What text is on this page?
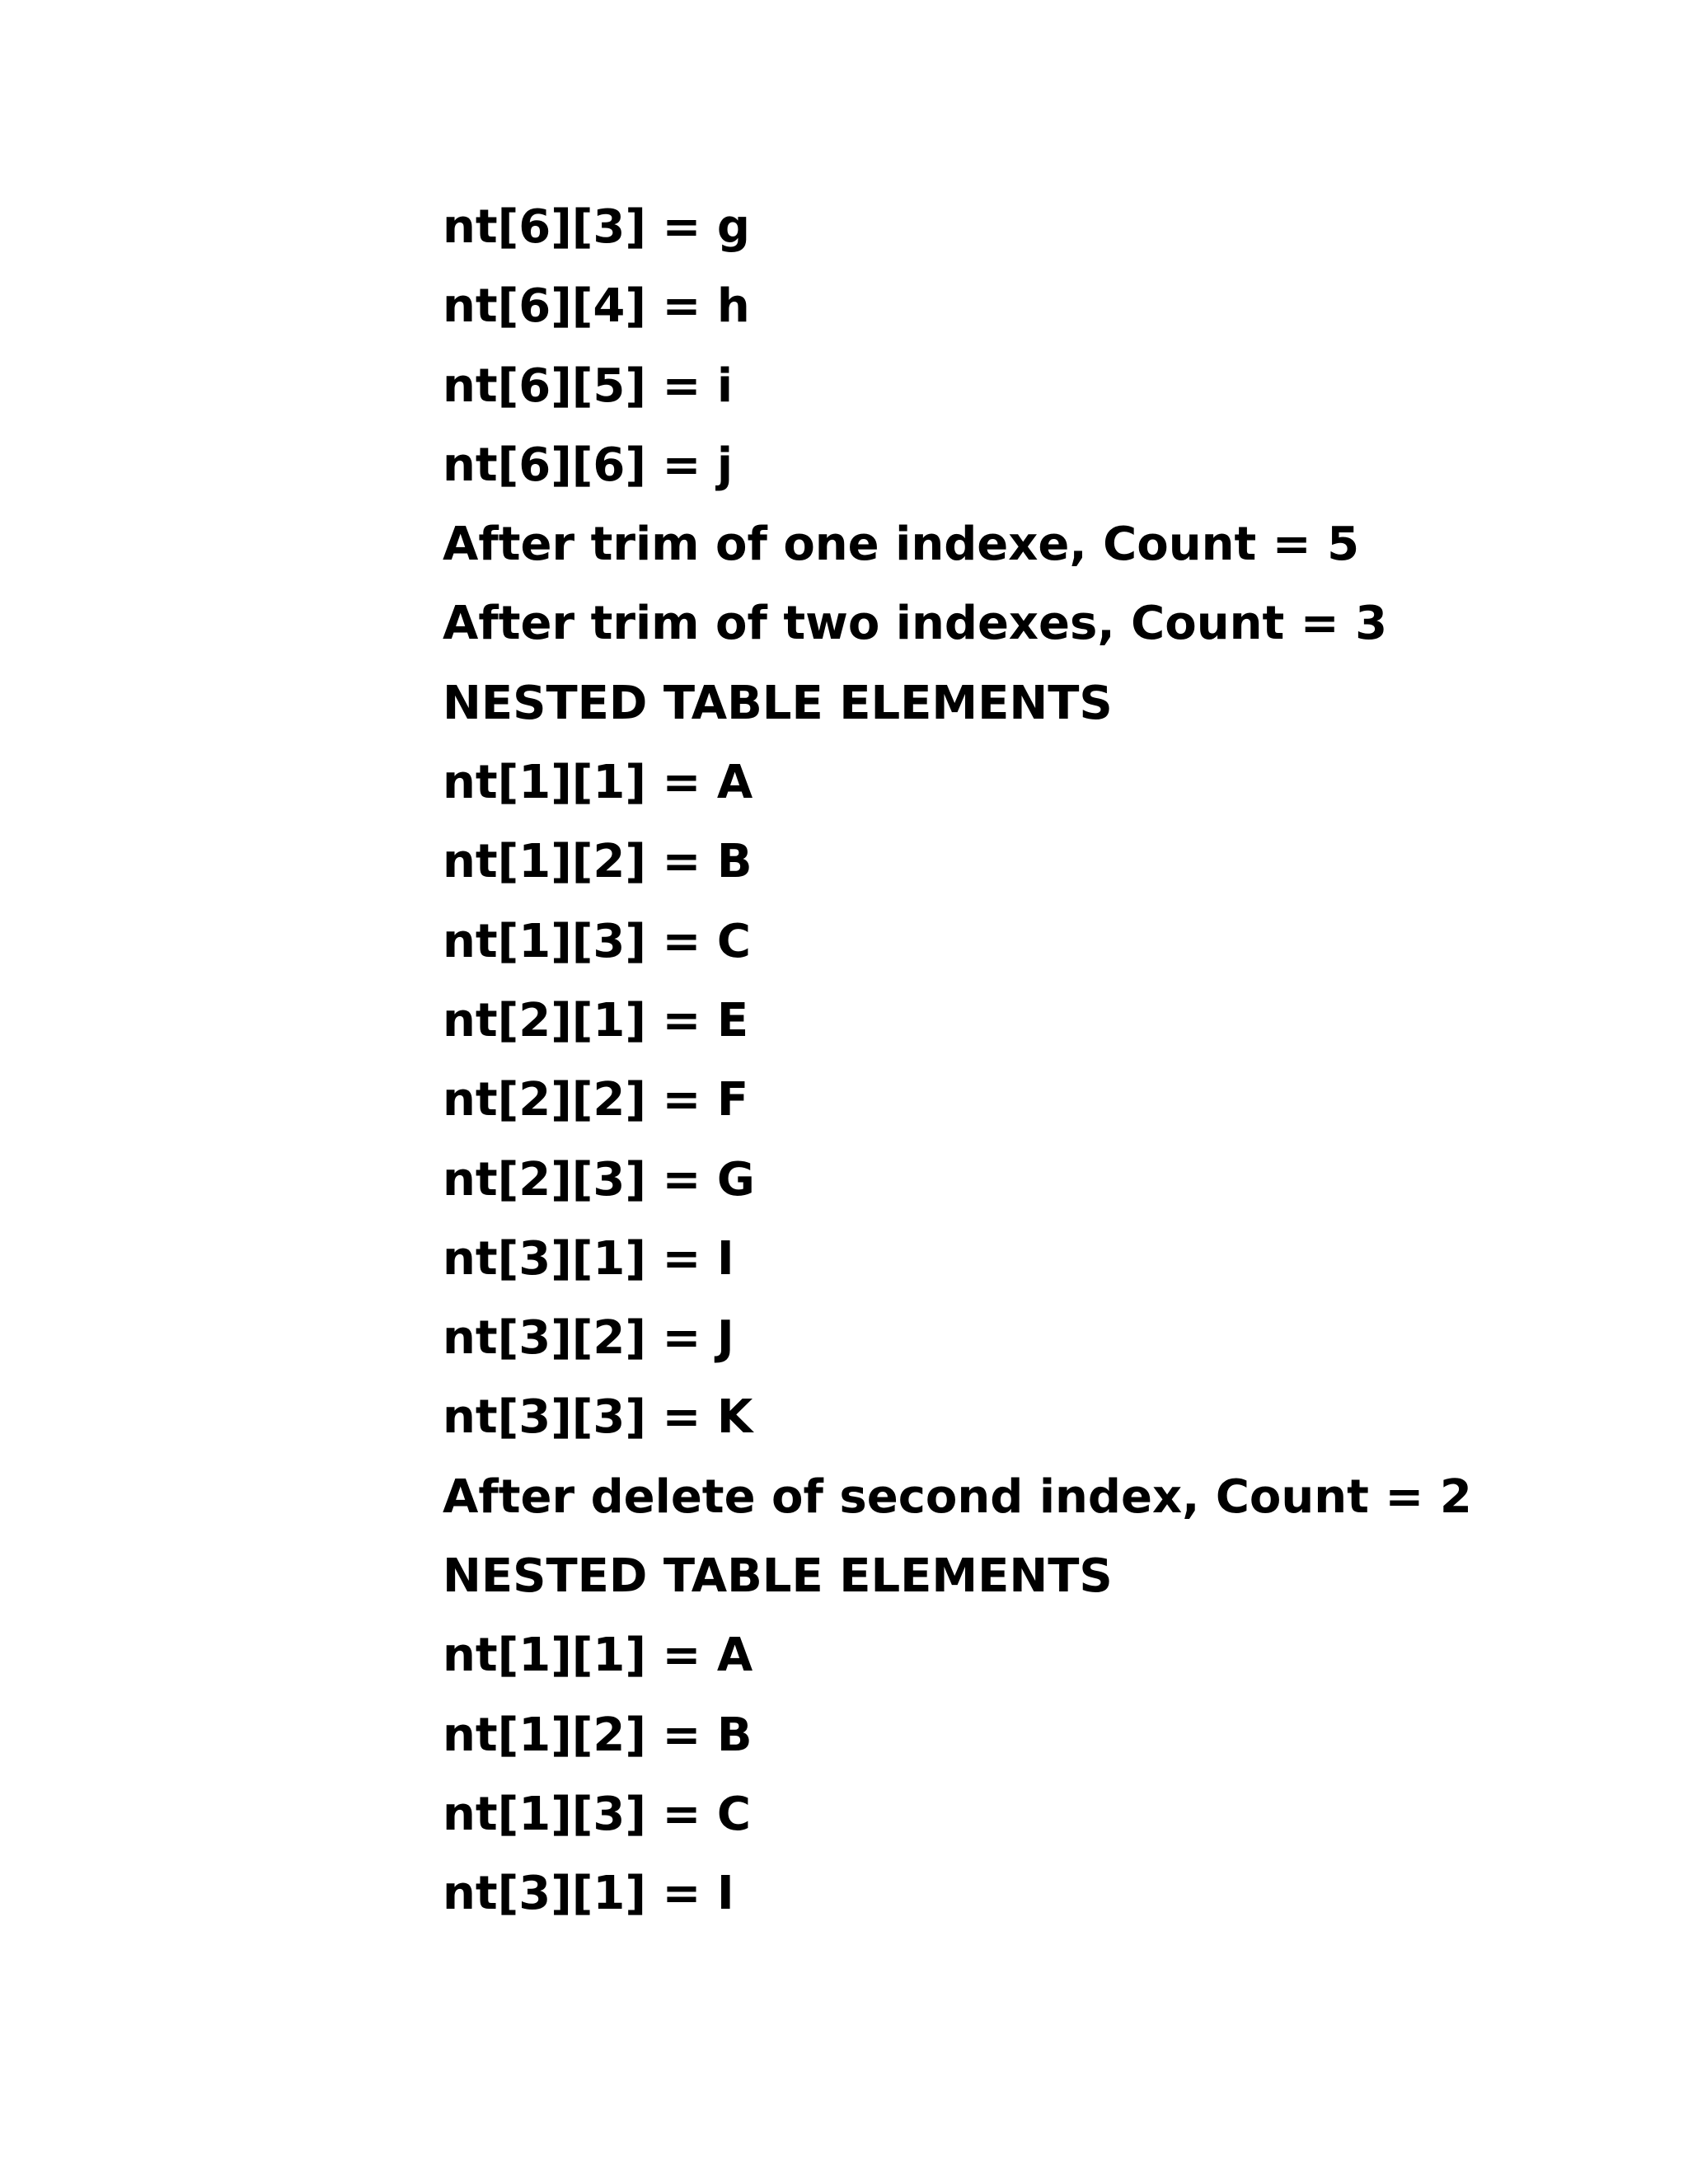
nt[6][3] = g
nt[6][4] = h
nt[6][5] = i
nt[6][6] = j
After trim of one indexe, Count = 5
After trim of two indexes, Count = 3
NESTED TABLE ELEMENTS
nt[1][1] = A
nt[1][2] = B
nt[1][3] = C
nt[2][1] = E
nt[2][2] = F
nt[2][3] = G
nt[3][1] = I
nt[3][2] = J
nt[3][3] = K
After delete of second index, Count = 2
NESTED TABLE ELEMENTS
nt[1][1] = A
nt[1][2] = B
nt[1][3] = C
nt[3][1] = I
